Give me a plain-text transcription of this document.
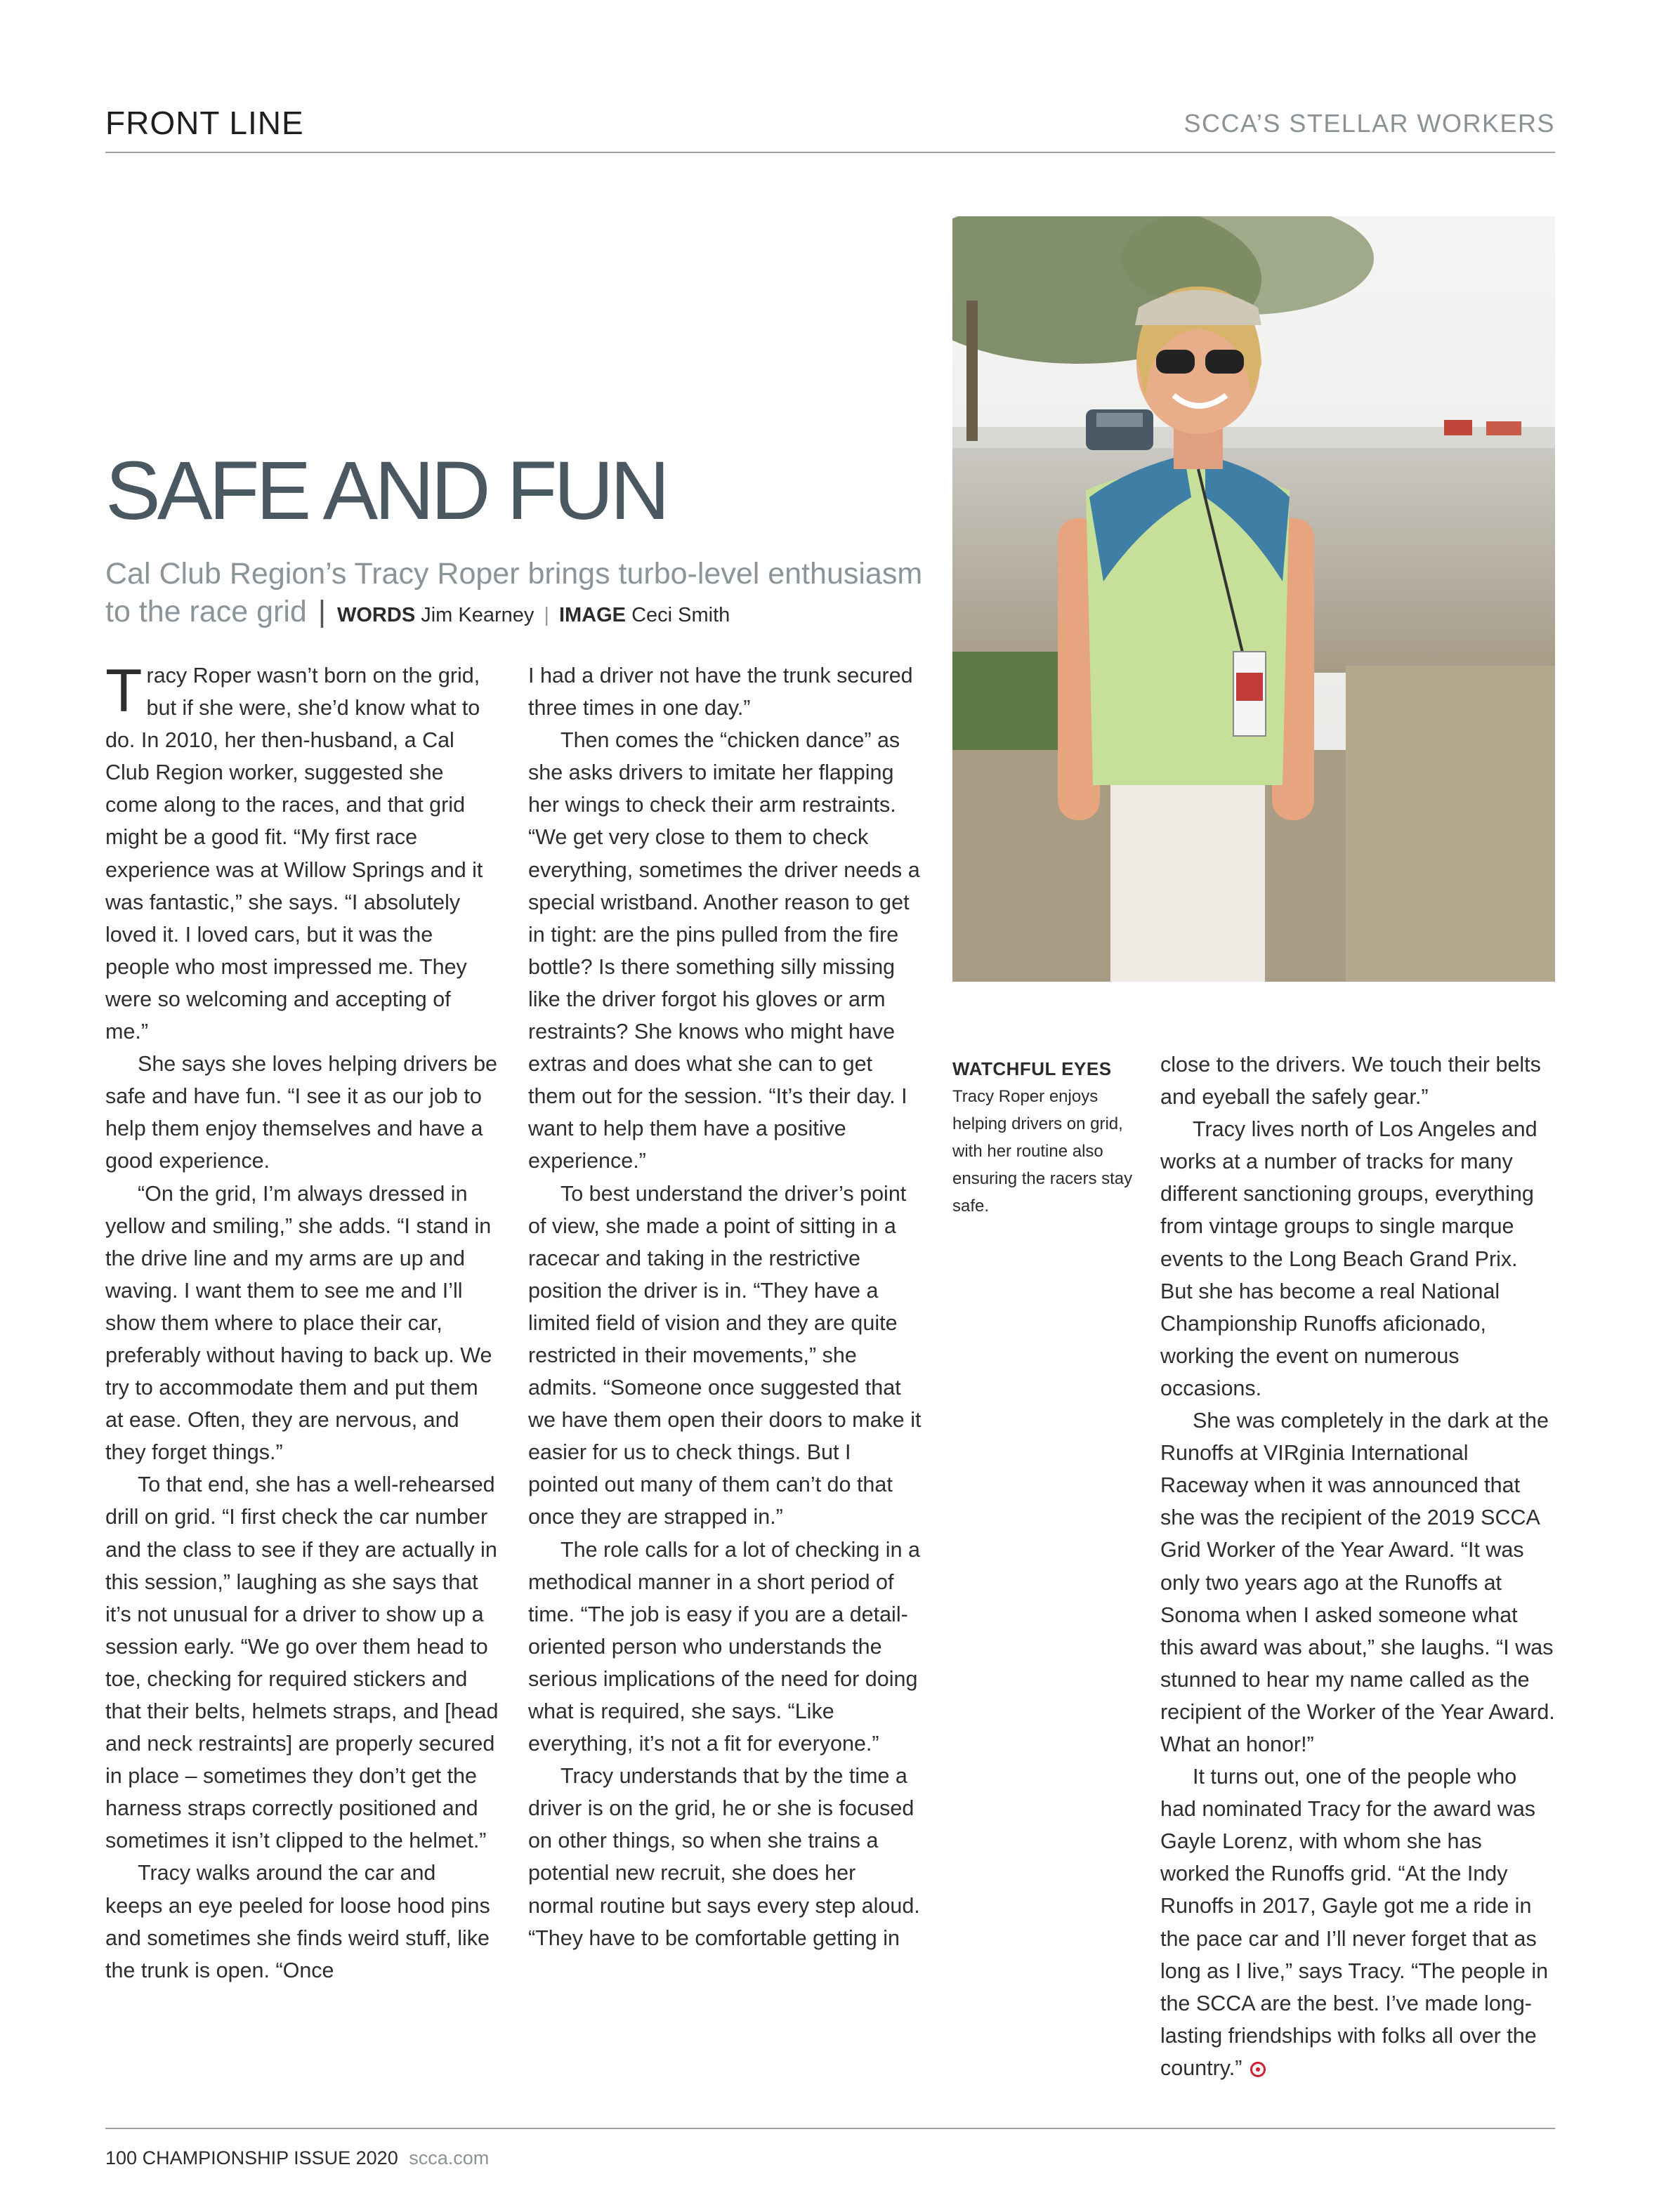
FRONT LINE	SCCA’S STELLAR WORKERS
SAFE AND FUN
Cal Club Region’s Tracy Roper brings turbo-level enthusiasm to the race grid | WORDS Jim Kearney | IMAGE Ceci Smith

Tracy Roper wasn’t born on the grid, but if she were, she’d know what to do. In 2010, her then-husband, a Cal Club Region worker, suggested she come along to the races, and that grid might be a good fit. “My first race experience was at Willow Springs and it was fantastic,” she says. “I absolutely loved it. I loved cars, but it was the people who most impressed me. They were so welcoming and accepting of me.”

She says she loves helping drivers be safe and have fun. “I see it as our job to help them enjoy themselves and have a good experience.

“On the grid, I’m always dressed in yellow and smiling,” she adds. “I stand in the drive line and my arms are up and waving. I want them to see me and I’ll show them where to place their car, preferably without having to back up. We try to accommodate them and put them at ease. Often, they are nervous, and they forget things.”

To that end, she has a well-rehearsed drill on grid. “I first check the car number and the class to see if they are actually in this session,” laughing as she says that it’s not unusual for a driver to show up a session early. “We go over them head to toe, checking for required stickers and that their belts, helmets straps, and [head and neck restraints] are properly secured in place – sometimes they don’t get the harness straps correctly positioned and sometimes it isn’t clipped to the helmet.”

Tracy walks around the car and keeps an eye peeled for loose hood pins and sometimes she finds weird stuff, like the trunk is open. “Once

I had a driver not have the trunk secured three times in one day.”

Then comes the “chicken dance” as she asks drivers to imitate her flapping her wings to check their arm restraints. “We get very close to them to check everything, sometimes the driver needs a special wristband. Another reason to get in tight: are the pins pulled from the fire bottle? Is there something silly missing like the driver forgot his gloves or arm restraints? She knows who might have extras and does what she can to get them out for the session. “It’s their day. I want to help them have a positive experience.”

To best understand the driver’s point of view, she made a point of sitting in a racecar and taking in the restrictive position the driver is in. “They have a limited field of vision and they are quite restricted in their movements,” she admits. “Someone once suggested that we have them open their doors to make it easier for us to check things. But I pointed out many of them can’t do that once they are strapped in.”

The role calls for a lot of checking in a methodical manner in a short period of time. “The job is easy if you are a detail-oriented person who understands the serious implications of the need for doing what is required, she says. “Like everything, it’s not a fit for everyone.”

Tracy understands that by the time a driver is on the grid, he or she is focused on other things, so when she trains a potential new recruit, she does her normal routine but says every step aloud. “They have to be comfortable getting in

WATCHFUL EYES
Tracy Roper enjoys helping drivers on grid, with her routine also ensuring the racers stay safe.

close to the drivers. We touch their belts and eyeball the safely gear.”

Tracy lives north of Los Angeles and works at a number of tracks for many different sanctioning groups, everything from vintage groups to single marque events to the Long Beach Grand Prix. But she has become a real National Championship Runoffs aficionado, working the event on numerous occasions.

She was completely in the dark at the Runoffs at VIRginia International Raceway when it was announced that she was the recipient of the 2019 SCCA Grid Worker of the Year Award. “It was only two years ago at the Runoffs at Sonoma when I asked someone what this award was about,” she laughs. “I was stunned to hear my name called as the recipient of the Worker of the Year Award. What an honor!”

It turns out, one of the people who had nominated Tracy for the award was Gayle Lorenz, with whom she has worked the Runoffs grid. “At the Indy Runoffs in 2017, Gayle got me a ride in the pace car and I’ll never forget that as long as I live,” says Tracy. “The people in the SCCA are the best. I’ve made long-lasting friendships with folks all over the country.”

100 CHAMPIONSHIP ISSUE 2020 scca.com
